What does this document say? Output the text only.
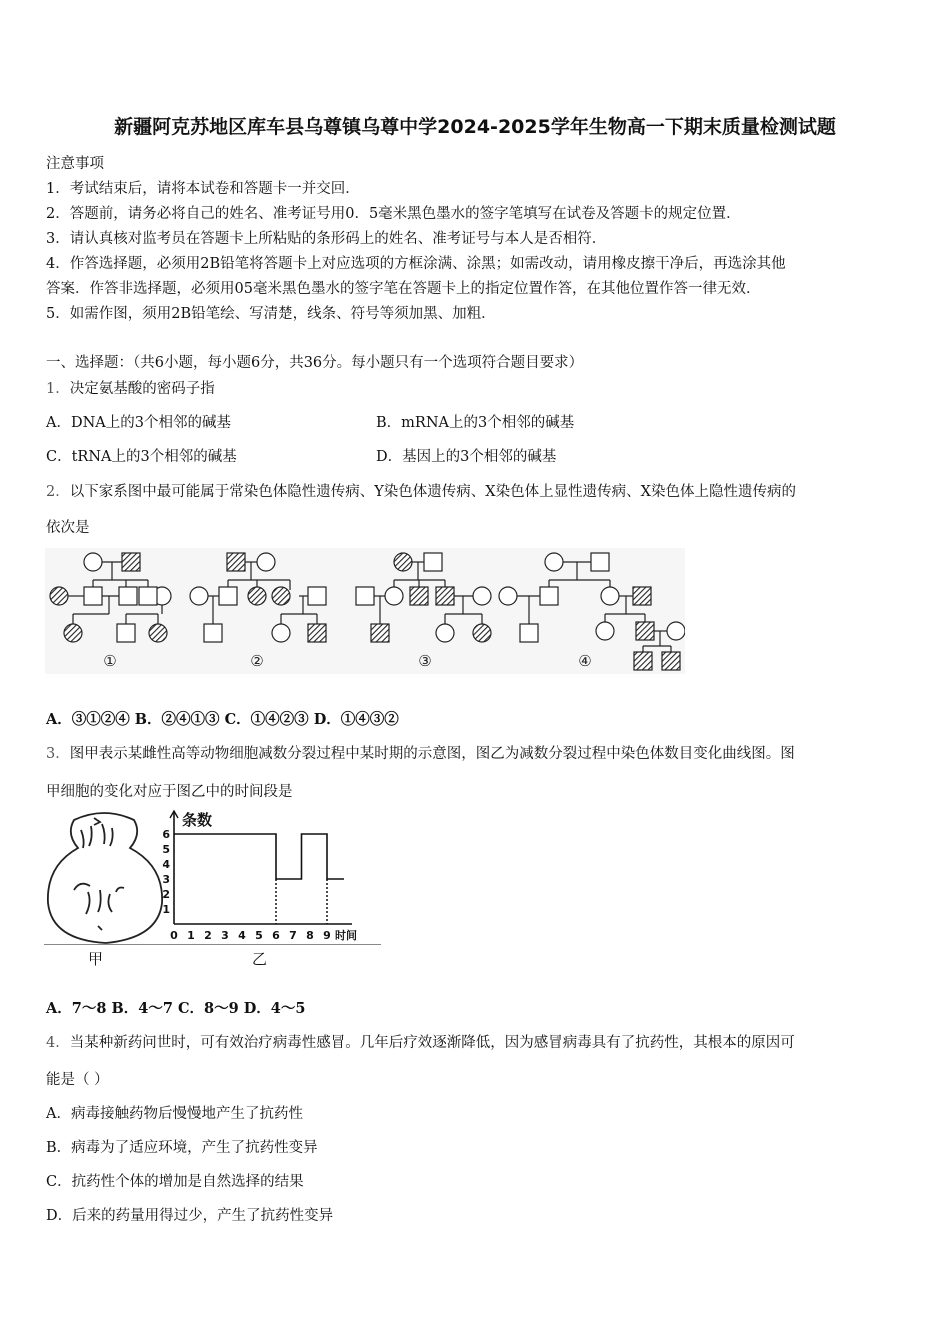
新疆阿克苏地区库车县乌尊镇乌尊中学2024-2025学年生物高一下期末质量检测试题
注意事项
1．考试结束后，请将本试卷和答题卡一并交回．
2．答题前，请务必将自己的姓名、准考证号用0．5毫米黑色墨水的签字笔填写在试卷及答题卡的规定位置．
3．请认真核对监考员在答题卡上所粘贴的条形码上的姓名、准考证号与本人是否相符．
4．作答选择题，必须用2B铅笔将答题卡上对应选项的方框涂满、涂黑；如需改动，请用橡皮擦干净后，再选涂其他
答案．作答非选择题，必须用05毫米黑色墨水的签字笔在答题卡上的指定位置作答，在其他位置作答一律无效．
5．如需作图，须用2B铅笔绘、写清楚，线条、符号等须加黑、加粗．
一、选择题：（共6小题，每小题6分，共36分。每小题只有一个选项符合题目要求）
1．决定氨基酸的密码子指
A．DNA上的3个相邻的碱基	B．mRNA上的3个相邻的碱基
C．tRNA上的3个相邻的碱基	D．基因上的3个相邻的碱基
2．以下家系图中最可能属于常染色体隐性遗传病、Y染色体遗传病、X染色体上显性遗传病、X染色体上隐性遗传病的
依次是
①	②	③	④
A．③①②④ B．②④①③ C．①④②③ D．①④③②
3．图甲表示某雌性高等动物细胞减数分裂过程中某时期的示意图，图乙为减数分裂过程中染色体数目变化曲线图。图
甲细胞的变化对应于图乙中的时间段是
甲
条数
1
2
3
4
5
6
0 1 2 3 4 5 6 7 8 9 时间
乙
A．7～8 B．4～7 C．8～9 D．4～5
4．当某种新药问世时，可有效治疗病毒性感冒。几年后疗效逐渐降低，因为感冒病毒具有了抗药性，其根本的原因可
能是（ ）
A．病毒接触药物后慢慢地产生了抗药性
B．病毒为了适应环境，产生了抗药性变异
C．抗药性个体的增加是自然选择的结果
D．后来的药量用得过少，产生了抗药性变异
